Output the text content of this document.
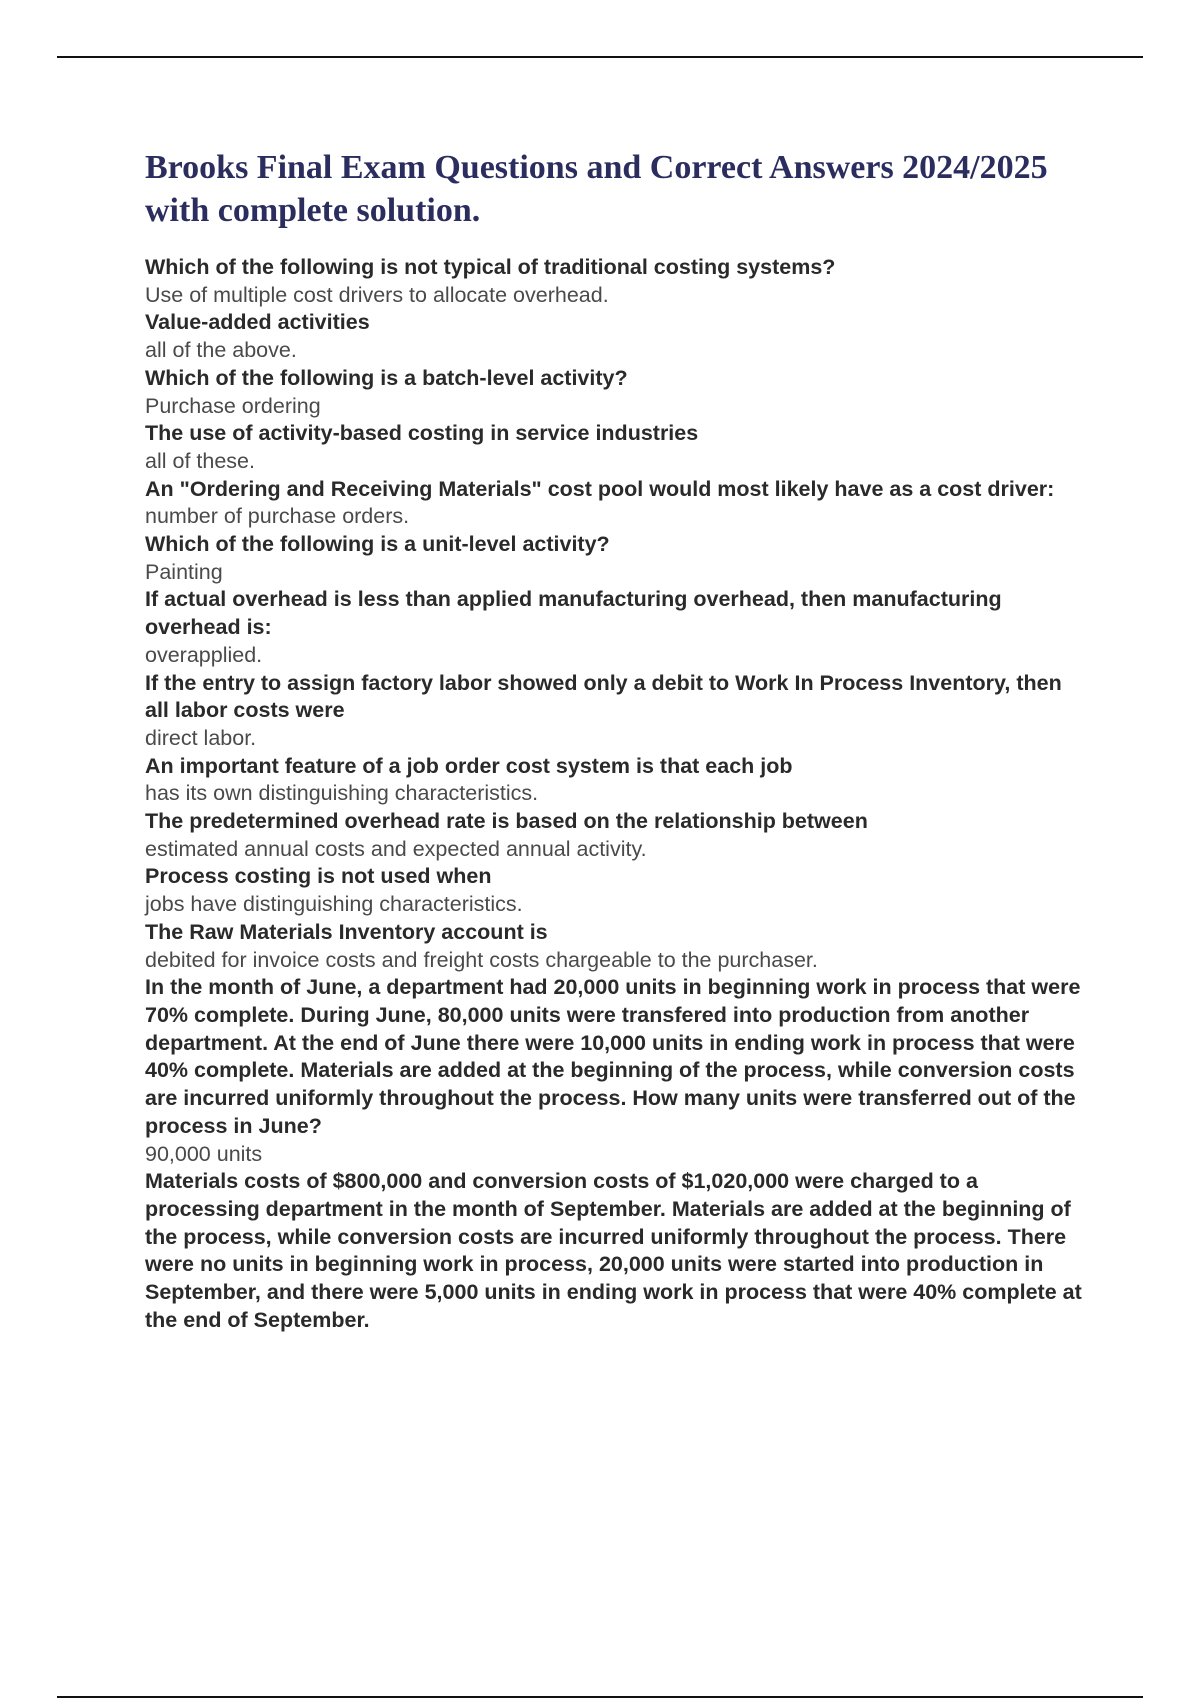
Brooks Final Exam Questions and Correct Answers 2024/2025 with complete solution.

Which of the following is not typical of traditional costing systems?

Use of multiple cost drivers to allocate overhead.

Value-added activities

all of the above.

Which of the following is a batch-level activity?

Purchase ordering

The use of activity-based costing in service industries

all of these.

An "Ordering and Receiving Materials" cost pool would most likely have as a cost driver:

number of purchase orders.

Which of the following is a unit-level activity?

Painting

If actual overhead is less than applied manufacturing overhead, then manufacturing overhead is:

overapplied.

If the entry to assign factory labor showed only a debit to Work In Process Inventory, then all labor costs were

direct labor.

An important feature of a job order cost system is that each job

has its own distinguishing characteristics.

The predetermined overhead rate is based on the relationship between

estimated annual costs and expected annual activity.

Process costing is not used when

jobs have distinguishing characteristics.

The Raw Materials Inventory account is

debited for invoice costs and freight costs chargeable to the purchaser.

In the month of June, a department had 20,000 units in beginning work in process that were 70% complete. During June, 80,000 units were transfered into production from another department. At the end of June there were 10,000 units in ending work in process that were 40% complete. Materials are added at the beginning of the process, while conversion costs are incurred uniformly throughout the process. How many units were transferred out of the process in June?

90,000 units

Materials costs of $800,000 and conversion costs of $1,020,000 were charged to a processing department in the month of September. Materials are added at the beginning of the process, while conversion costs are incurred uniformly throughout the process. There were no units in beginning work in process, 20,000 units were started into production in September, and there were 5,000 units in ending work in process that were 40% complete at the end of September.
